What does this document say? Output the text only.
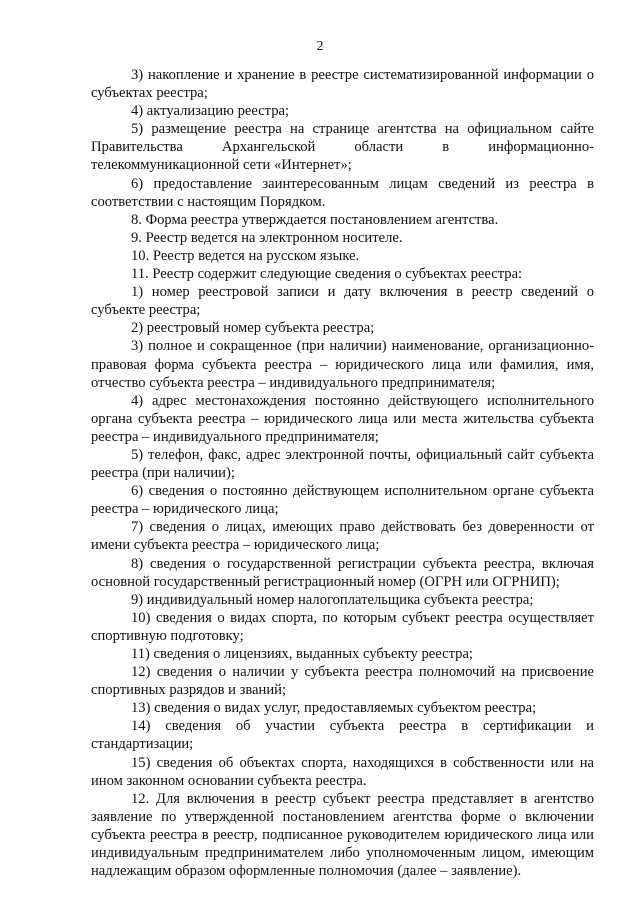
2

3) накопление и хранение в реестре систематизированной информации о субъектах реестра;

4) актуализацию реестра;

5) размещение реестра на странице агентства на официальном сайте Правительства Архангельской области в информационно-телекоммуникационной сети «Интернет»;

6) предоставление заинтересованным лицам сведений из реестра в соответствии с настоящим Порядком.

8. Форма реестра утверждается постановлением агентства.

9. Реестр ведется на электронном носителе.

10. Реестр ведется на русском языке.

11. Реестр содержит следующие сведения о субъектах реестра:

1) номер реестровой записи и дату включения в реестр сведений о субъекте реестра;

2) реестровый номер субъекта реестра;

3) полное и сокращенное (при наличии) наименование, организационно-правовая форма субъекта реестра – юридического лица или фамилия, имя, отчество субъекта реестра – индивидуального предпринимателя;

4) адрес местонахождения постоянно действующего исполнительного органа субъекта реестра – юридического лица или места жительства субъекта реестра – индивидуального предпринимателя;

5) телефон, факс, адрес электронной почты, официальный сайт субъекта реестра (при наличии);

6) сведения о постоянно действующем исполнительном органе субъекта реестра – юридического лица;

7) сведения о лицах, имеющих право действовать без доверенности от имени субъекта реестра – юридического лица;

8) сведения о государственной регистрации субъекта реестра, включая основной государственный регистрационный номер (ОГРН или ОГРНИП);

9) индивидуальный номер налогоплательщика субъекта реестра;

10) сведения о видах спорта, по которым субъект реестра осуществляет спортивную подготовку;

11) сведения о лицензиях, выданных субъекту реестра;

12) сведения о наличии у субъекта реестра полномочий на присвоение спортивных разрядов и званий;

13) сведения о видах услуг, предоставляемых субъектом реестра;

14) сведения об участии субъекта реестра в сертификации и стандартизации;

15) сведения об объектах спорта, находящихся в собственности или на ином законном основании субъекта реестра.

12. Для включения в реестр субъект реестра представляет в агентство заявление по утвержденной постановлением агентства форме о включении субъекта реестра в реестр, подписанное руководителем юридического лица или индивидуальным предпринимателем либо уполномоченным лицом, имеющим надлежащим образом оформленные полномочия (далее – заявление).
